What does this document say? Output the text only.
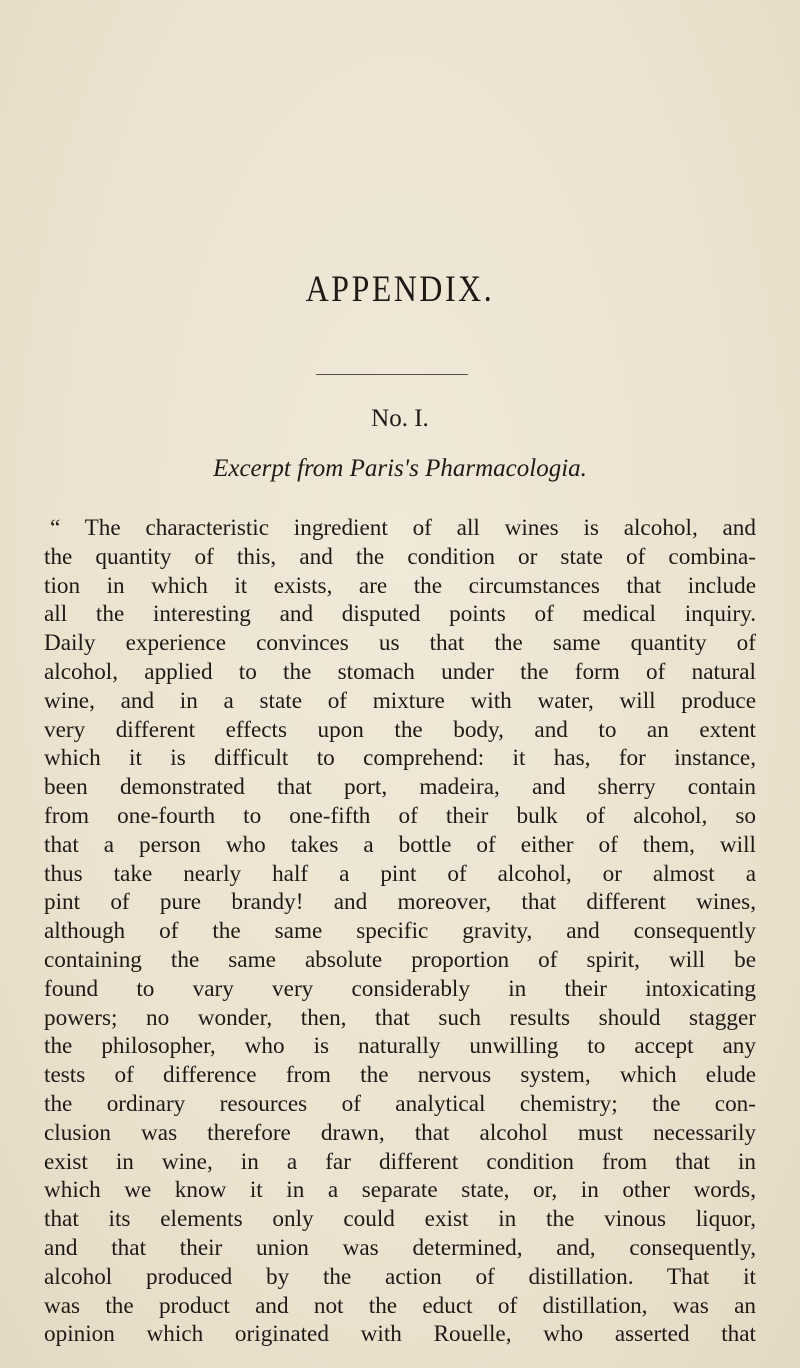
APPENDIX.
No. I.
Excerpt from Paris's Pharmacologia.
“ The characteristic ingredient of all wines is alcohol, and
the quantity of this, and the condition or state of combina-
tion in which it exists, are the circumstances that include
all the interesting and disputed points of medical inquiry.
Daily experience convinces us that the same quantity of
alcohol, applied to the stomach under the form of natural
wine, and in a state of mixture with water, will produce
very different effects upon the body, and to an extent
which it is difficult to comprehend: it has, for instance,
been demonstrated that port, madeira, and sherry contain
from one-fourth to one-fifth of their bulk of alcohol, so
that a person who takes a bottle of either of them, will
thus take nearly half a pint of alcohol, or almost a
pint of pure brandy! and moreover, that different wines,
although of the same specific gravity, and consequently
containing the same absolute proportion of spirit, will be
found to vary very considerably in their intoxicating
powers; no wonder, then, that such results should stagger
the philosopher, who is naturally unwilling to accept any
tests of difference from the nervous system, which elude
the ordinary resources of analytical chemistry; the con-
clusion was therefore drawn, that alcohol must necessarily
exist in wine, in a far different condition from that in
which we know it in a separate state, or, in other words,
that its elements only could exist in the vinous liquor,
and that their union was determined, and, consequently,
alcohol produced by the action of distillation. That it
was the product and not the educt of distillation, was an
opinion which originated with Rouelle, who asserted that
